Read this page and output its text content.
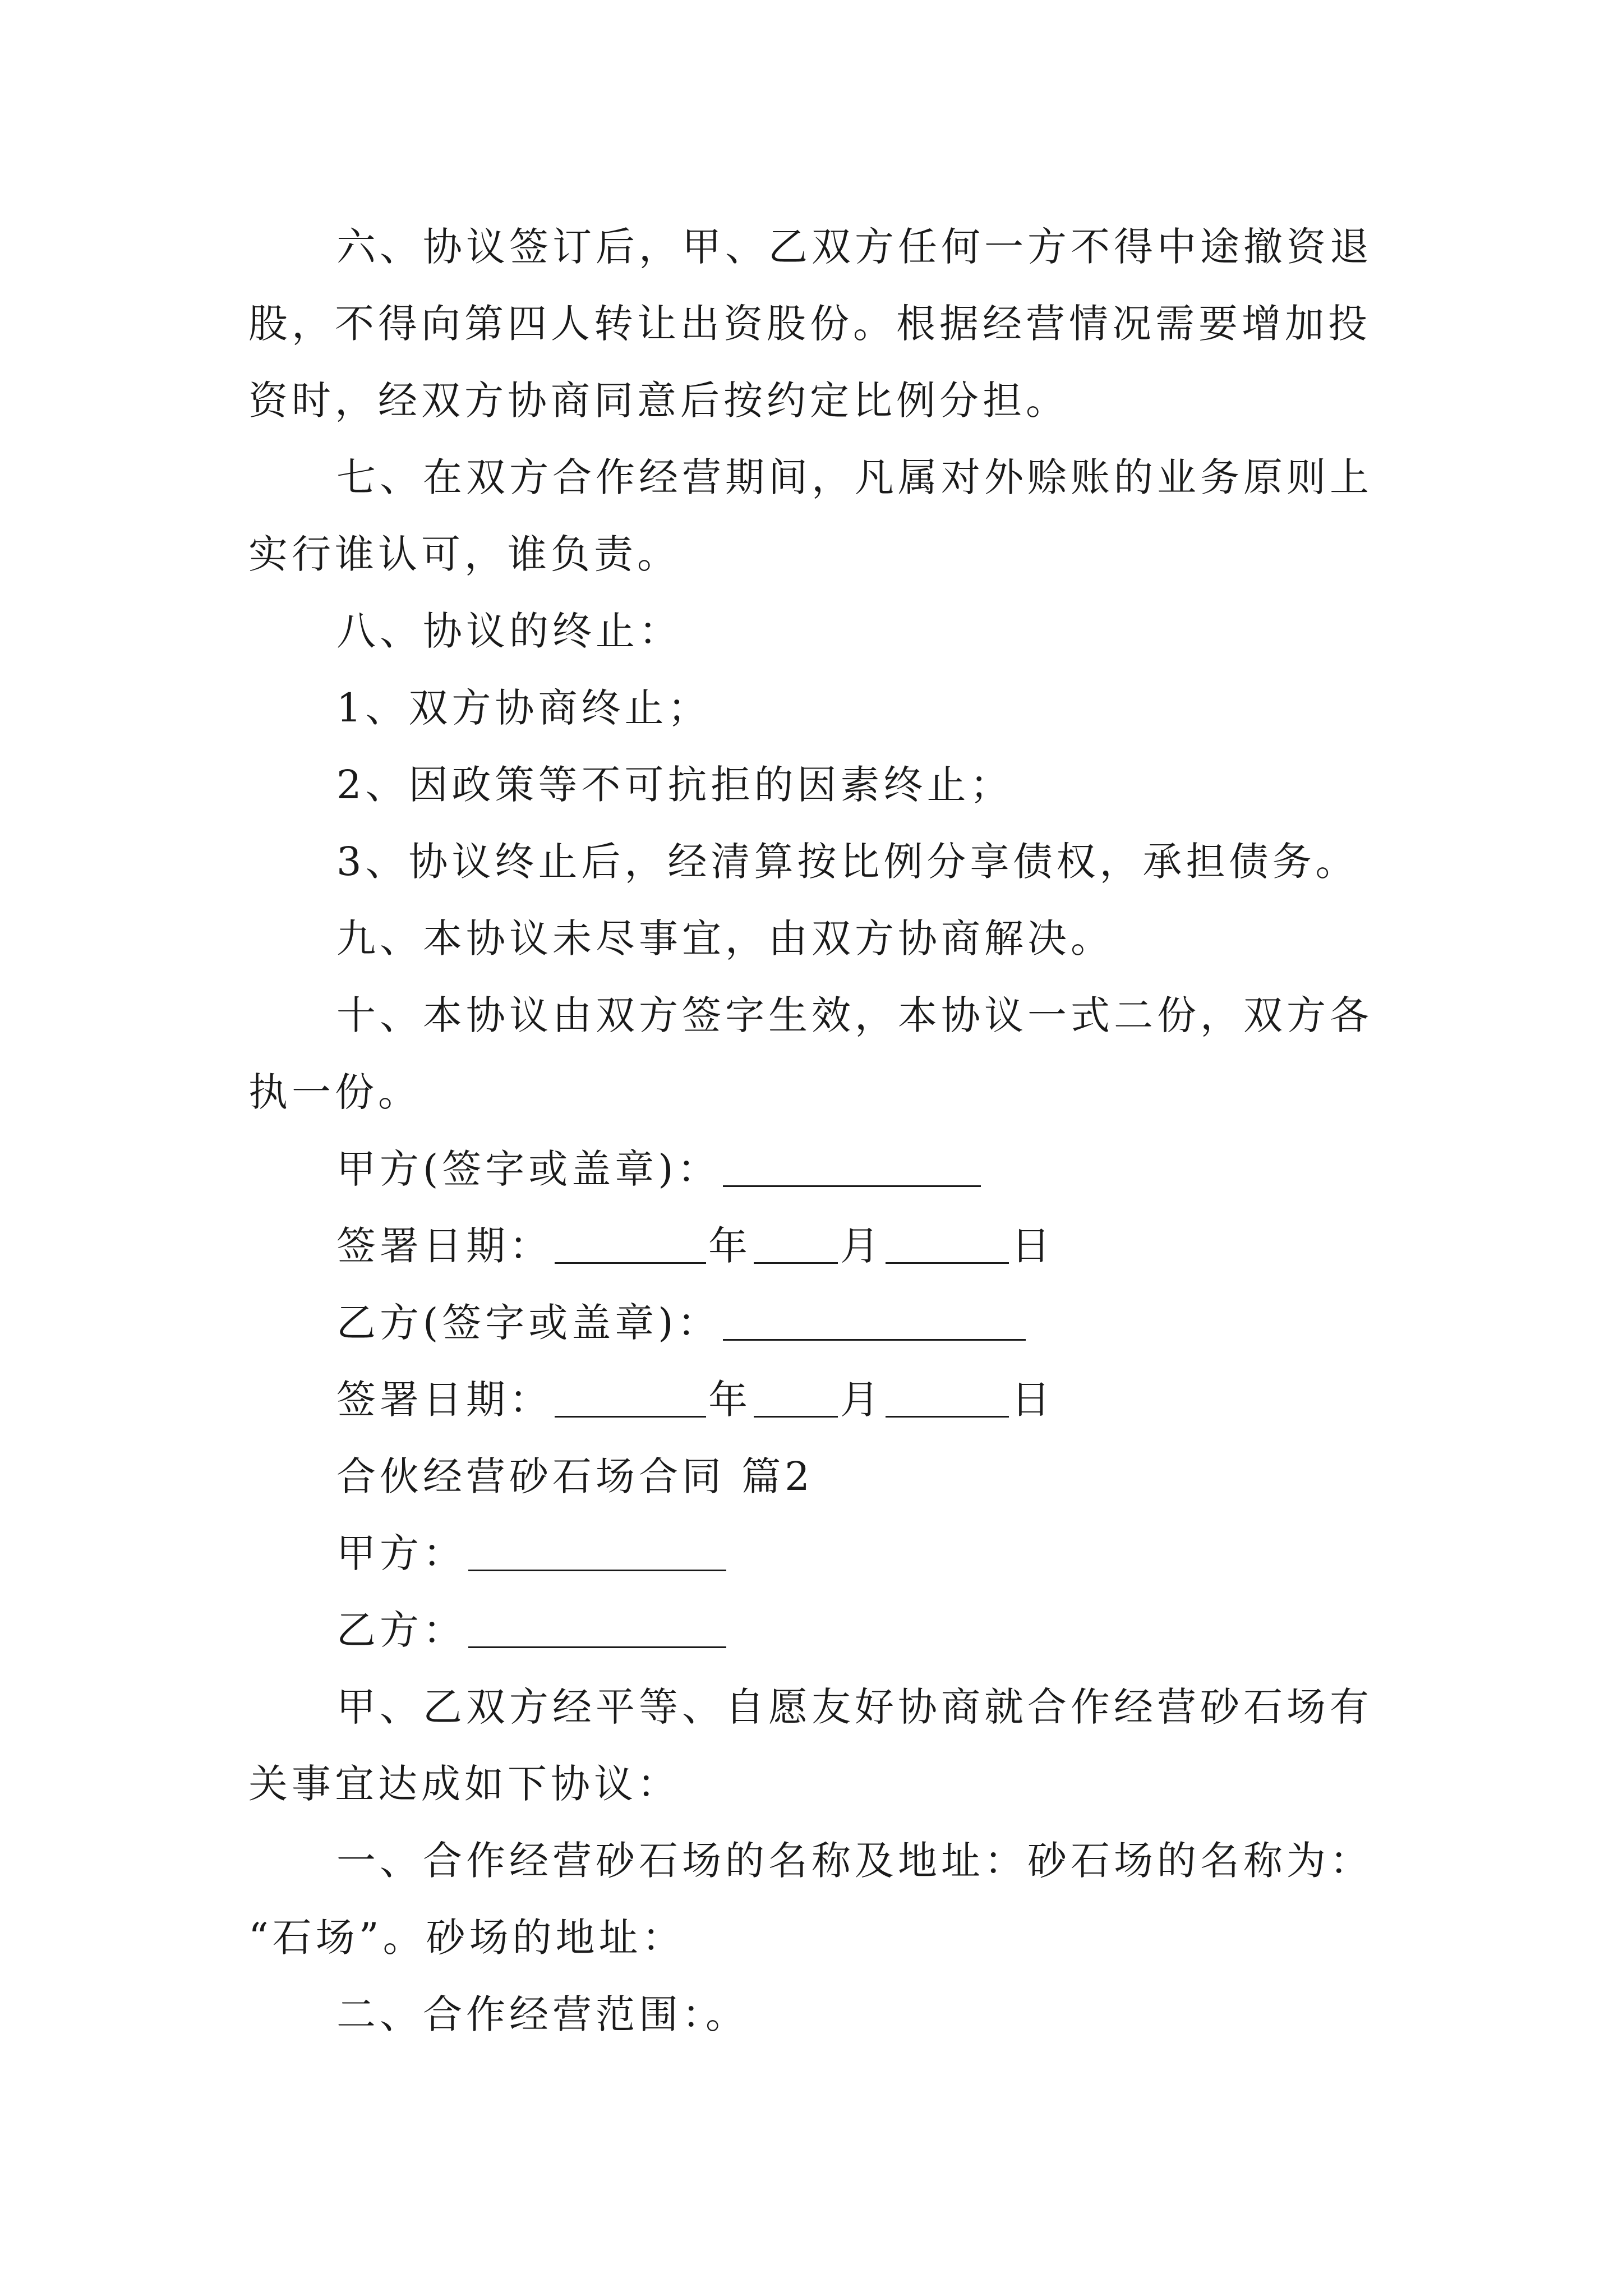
六、协议签订后，甲、乙双方任何一方不得中途撤资退
股，不得向第四人转让出资股份。根据经营情况需要增加投
资时，经双方协商同意后按约定比例分担。
七、在双方合作经营期间，凡属对外赊账的业务原则上
实行谁认可，谁负责。
八、协议的终止：
1、双方协商终止；
2、因政策等不可抗拒的因素终止；
3、协议终止后，经清算按比例分享债权，承担债务。
九、本协议未尽事宜，由双方协商解决。
十、本协议由双方签字生效，本协议一式二份，双方各
执一份。
甲方(签字或盖章)：
签署日期：	年 月	日
乙方(签字或盖章)：
签署日期：	年 月	日
合伙经营砂石场合同 篇2
甲方：
乙方：
甲、乙双方经平等、自愿友好协商就合作经营砂石场有
关事宜达成如下协议：
一、合作经营砂石场的名称及地址：砂石场的名称为：
“石场”。砂场的地址：
二、合作经营范围：。
